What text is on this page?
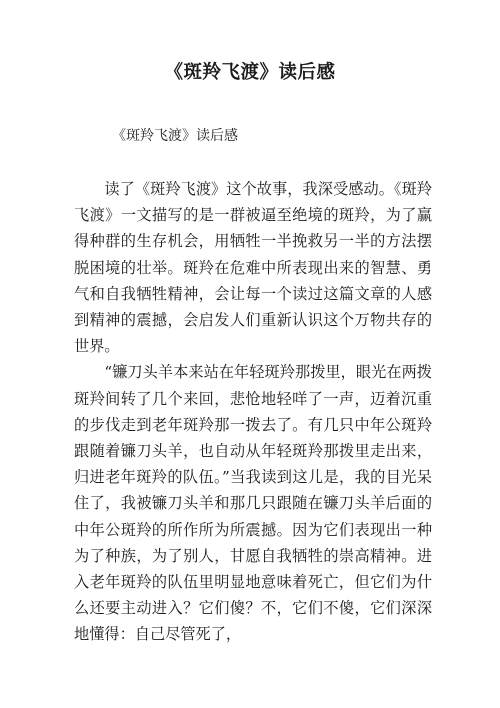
《斑羚飞渡》读后感

《斑羚飞渡》读后感

读了《斑羚飞渡》这个故事，我深受感动。《斑羚飞渡》一文描写的是一群被逼至绝境的斑羚，为了赢得种群的生存机会，用牺牲一半挽救另一半的方法摆脱困境的壮举。斑羚在危难中所表现出来的智慧、勇气和自我牺牲精神，会让每一个读过这篇文章的人感到精神的震撼，会启发人们重新认识这个万物共存的世界。

“镰刀头羊本来站在年轻斑羚那拨里，眼光在两拨斑羚间转了几个来回，悲怆地轻咩了一声，迈着沉重的步伐走到老年斑羚那一拨去了。有几只中年公斑羚跟随着镰刀头羊，也自动从年轻斑羚那拨里走出来，归进老年斑羚的队伍。”当我读到这儿是，我的目光呆住了，我被镰刀头羊和那几只跟随在镰刀头羊后面的中年公斑羚的所作所为所震撼。因为它们表现出一种为了种族，为了别人，甘愿自我牺牲的崇高精神。进入老年斑羚的队伍里明显地意味着死亡，但它们为什么还要主动进入？它们傻？不，它们不傻，它们深深地懂得：自己尽管死了，
